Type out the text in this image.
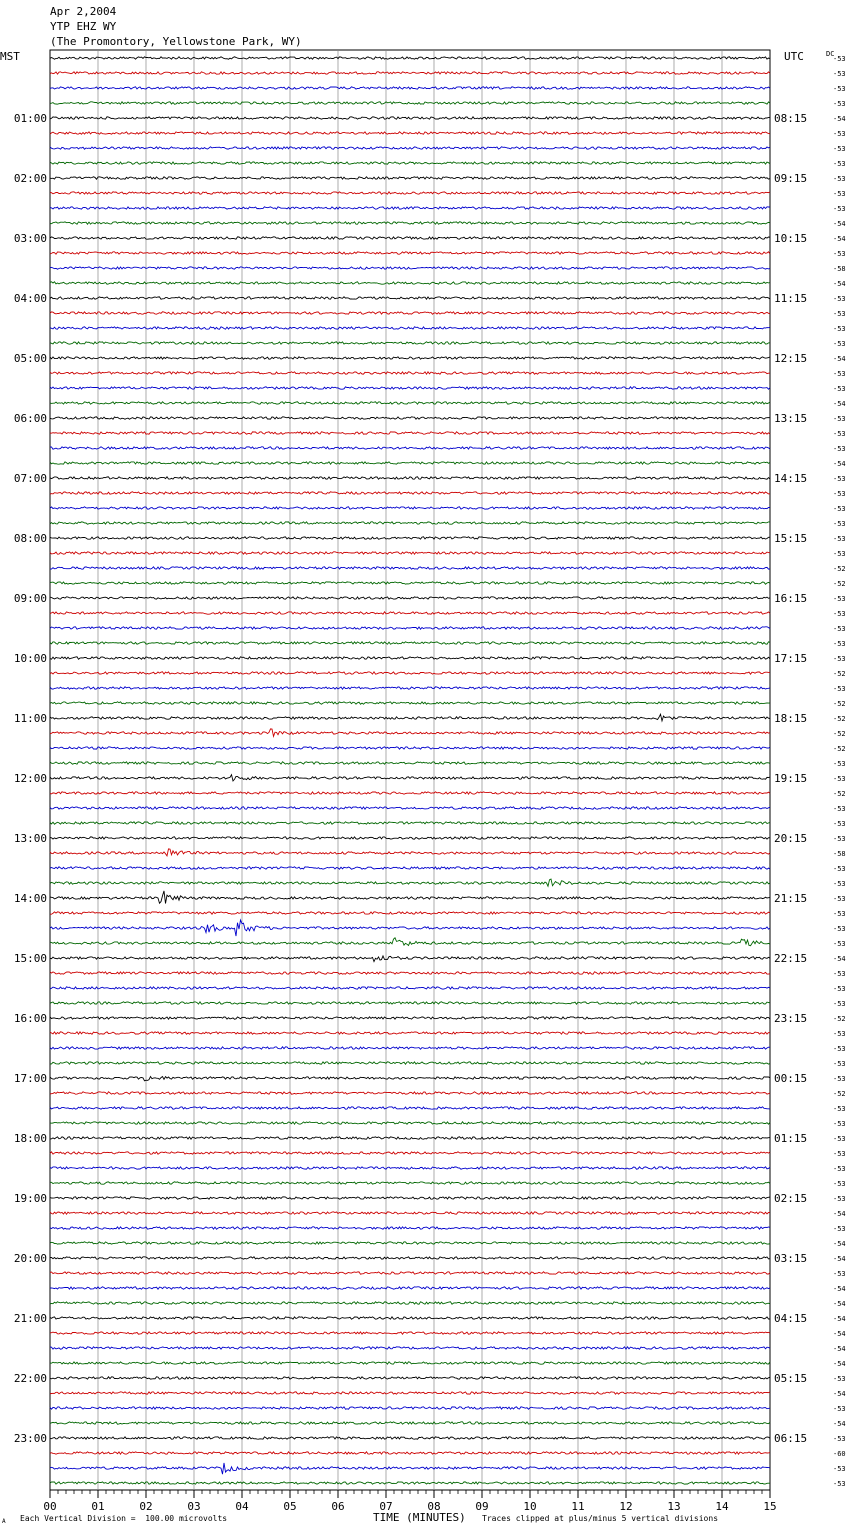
Apr 2,2004
YTP EHZ WY
(The Promontory, Yellowstone Park, WY)
MST	UTC	DC
-53
-53
-53
-53
-54
-53
-53
-53
-53
-53
-53
-54
-54
-53
-58
-54
-53
-53
-53
-53
-54
-53
-53
-54
-53
-53
-53
-54
-53
-53
-53
-53
-53
-53
-52
-52
-53
-53
-53
-53
-53
-52
-53
-52
-52
-52
-52
-53
-53
-52
-53
-53
-53
-58
-53
-53
-53
-53
-53
-53
-54
-53
-53
-53
-52
-53
-53
-53
-53
-52
-53
-53
-53
-53
-53
-53
-53
-54
-53
-54
-54
-53
-54
-54
-54
-54
-54
-54
-53
-54
-53
-54
-53
-60
-53
-53
01:00	08:15
02:00	09:15
03:00	10:15
04:00	11:15
05:00	12:15
06:00	13:15
07:00	14:15
08:00	15:15
09:00	16:15
10:00	17:15
11:00	18:15
12:00	19:15
13:00	20:15
14:00	21:15
15:00	22:15
16:00	23:15
17:00	00:15
18:00	01:15
19:00	02:15
20:00	03:15
21:00	04:15
22:00	05:15
23:00	06:15
00	01	02	03	04	05	06	07	08	09	10	11	12	13	14	15
A Each Vertical Division =  100.00 microvolts	TIME (MINUTES) Traces clipped at plus/minus 5 vertical divisions
